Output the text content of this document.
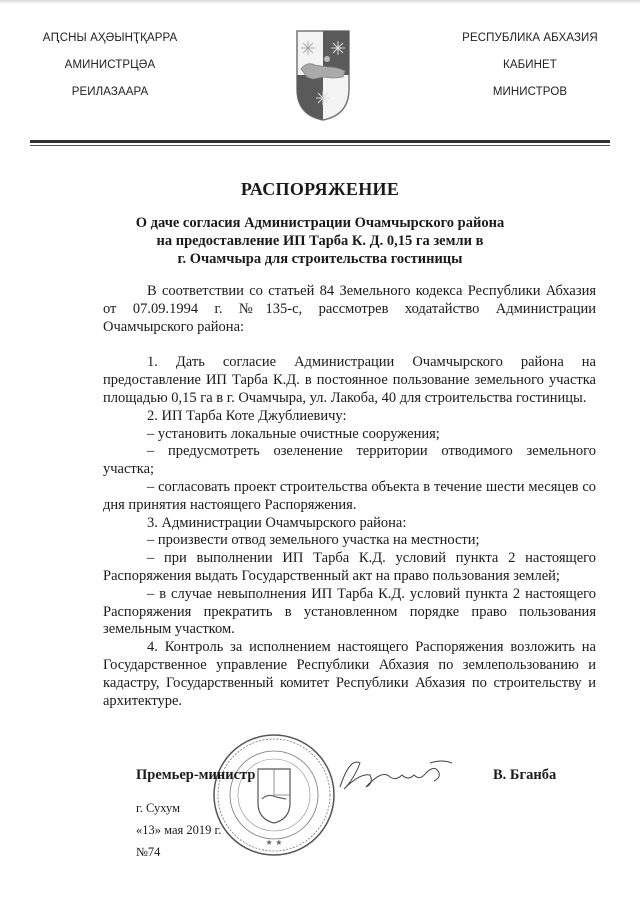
АԤСНЫ АҲӘЫНҬҚАРРА
АМИНИСТРЦӘА
РЕИЛАЗААРА
РЕСПУБЛИКА АБХАЗИЯ
КАБИНЕТ
МИНИСТРОВ
РАСПОРЯЖЕНИЕ
О даче согласия Администрации Очамчырского района
на предоставление ИП Тарба К. Д. 0,15 га земли в
г. Очамчыра для строительства гостиницы

В соответствии со статьей 84 Земельного кодекса Республики Абхазия от 07.09.1994 г. №135-с, рассмотрев ходатайство Администрации Очамчырского района:

1. Дать согласие Администрации Очамчырского района на предоставление ИП Тарба К.Д. в постоянное пользование земельного участка площадью 0,15 га в г. Очамчыра, ул. Лакоба, 40 для строительства гостиницы.

2. ИП Тарба Коте Джублиевичу:

– установить локальные очистные сооружения;

– предусмотреть озеленение территории отводимого земельного участка;

– согласовать проект строительства объекта в течение шести месяцев со дня принятия настоящего Распоряжения.

3. Администрации Очамчырского района:

– произвести отвод земельного участка на местности;

– при выполнении ИП Тарба К.Д. условий пункта 2 настоящего Распоряжения выдать Государственный акт на право пользования землей;

– в случае невыполнения ИП Тарба К.Д. условий пункта 2 настоящего Распоряжения прекратить в установленном порядке право пользования земельным участком.

4. Контроль за исполнением настоящего Распоряжения возложить на Государственное управление Республики Абхазия по землепользованию и кадастру, Государственный комитет Республики Абхазия по строительству и архитектуре.

★ ★
Премьер-министр	В. Бганба
г. Сухум
«13» мая 2019 г.
№74
